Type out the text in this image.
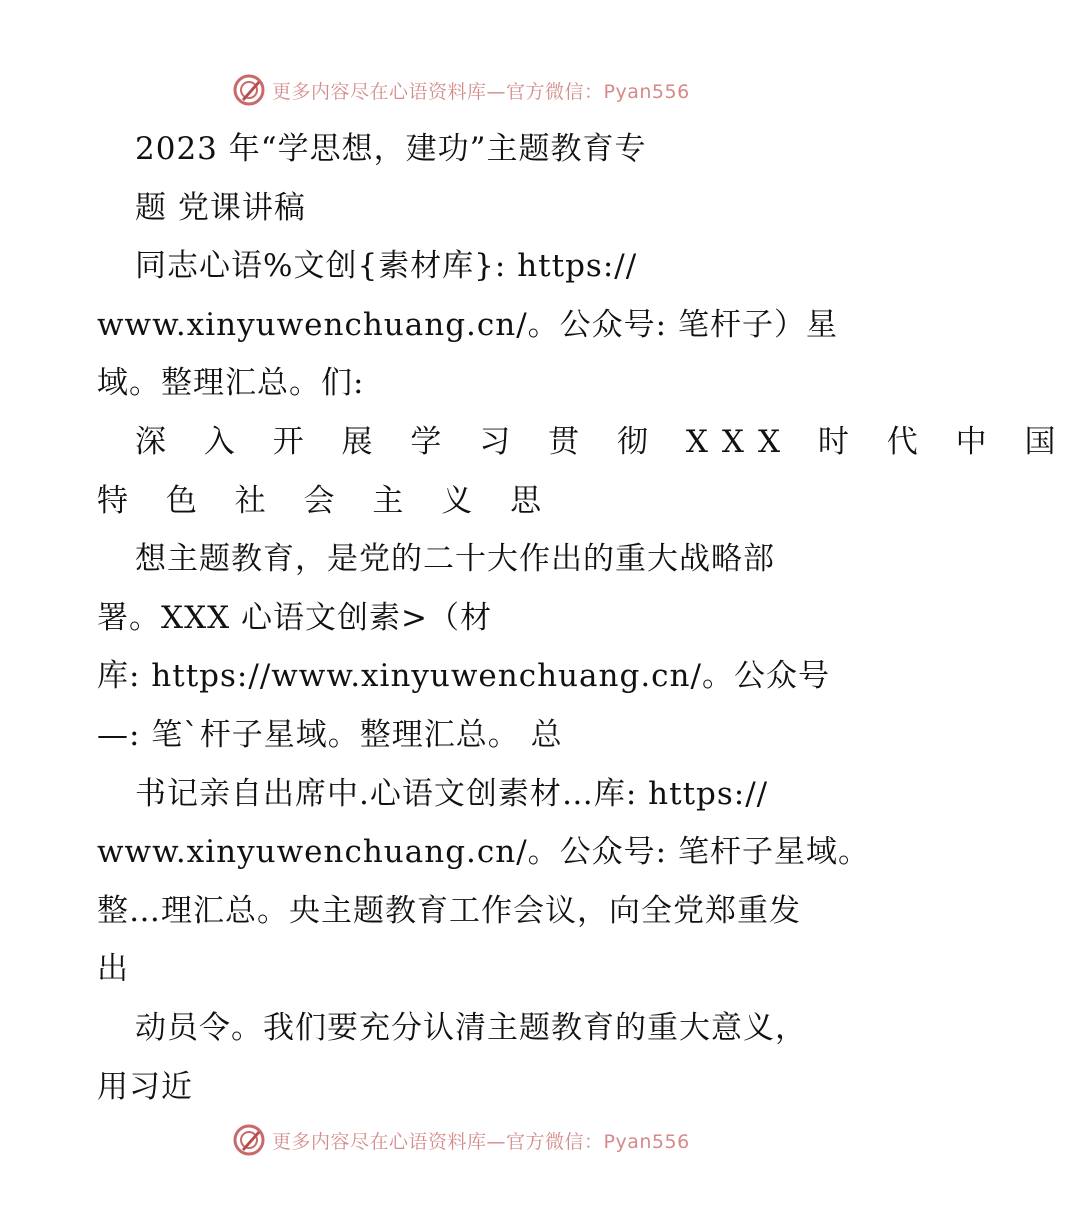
更多内容尽在心语资料库—官方微信：Pyan556
2023 年“学思想，建功”主题教育专
题 党课讲稿
同志心语%文创{素材库}: https://
www.xinyuwenchuang.cn/。公众号: 笔杆子）星
域。整理汇总。们:
深 入 开 展 学 习 贯 彻 XXX 时 代 中 国
特 色 社 会 主 义 思
想主题教育，是党的二十大作出的重大战略部
署。XXX 心语文创素>（材
库: https://www.xinyuwenchuang.cn/。公众号
—: 笔`杆子星域。整理汇总。 总
书记亲自出席中.心语文创素材…库: https://
www.xinyuwenchuang.cn/。公众号: 笔杆子星域。
整…理汇总。央主题教育工作会议，向全党郑重发
出
动员令。我们要充分认清主题教育的重大意义，
用习近
更多内容尽在心语资料库—官方微信：Pyan556
